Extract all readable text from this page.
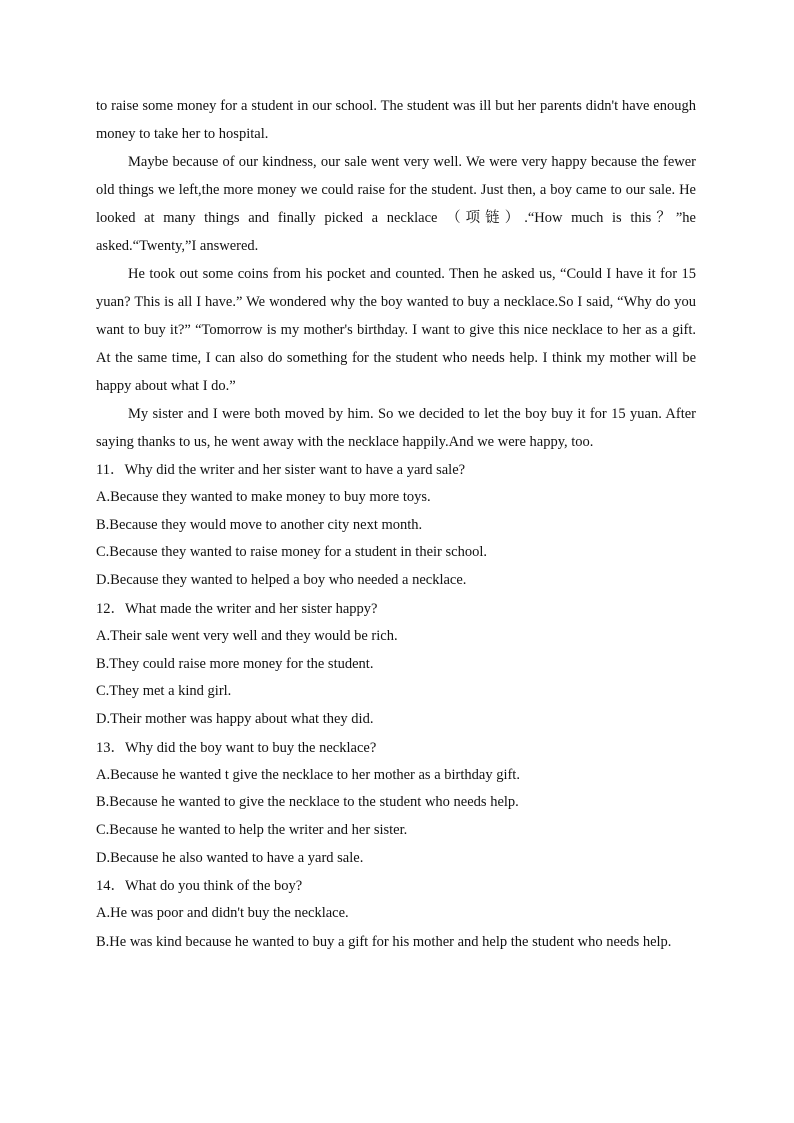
to raise some money for a student in our school. The student was ill but her parents didn't have enough money to take her to hospital.

Maybe because of our kindness, our sale went very well. We were very happy because the fewer old things we left,the more money we could raise for the student. Just then, a boy came to our sale. He looked at many things and finally picked a necklace （项链）.“How much is this？”he asked.“Twenty,”I answered.

He took out some coins from his pocket and counted. Then he asked us, “Could I have it for 15 yuan? This is all I have.” We wondered why the boy wanted to buy a necklace.So I said, “Why do you want to buy it?” “Tomorrow is my mother's birthday. I want to give this nice necklace to her as a gift. At the same time, I can also do something for the student who needs help. I think my mother will be happy about what I do.”

My sister and I were both moved by him. So we decided to let the boy buy it for 15 yuan. After saying thanks to us, he went away with the necklace happily.And we were happy, too.

11．Why did the writer and her sister want to have a yard sale?

A.Because they wanted to make money to buy more toys.

B.Because they would move to another city next month.

C.Because they wanted to raise money for a student in their school.

D.Because they wanted to helped a boy who needed a necklace.

12．What made the writer and her sister happy?

A.Their sale went very well and they would be rich.

B.They could raise more money for the student.

C.They met a kind girl.

D.Their mother was happy about what they did.

13．Why did the boy want to buy the necklace?

A.Because he wanted t give the necklace to her mother as a birthday gift.

B.Because he wanted to give the necklace to the student who needs help.

C.Because he wanted to help the writer and her sister.

D.Because he also wanted to have a yard sale.

14．What do you think of the boy?

A.He was poor and didn't buy the necklace.

B.He was kind because he wanted to buy a gift for his mother and help the student who needs help.
